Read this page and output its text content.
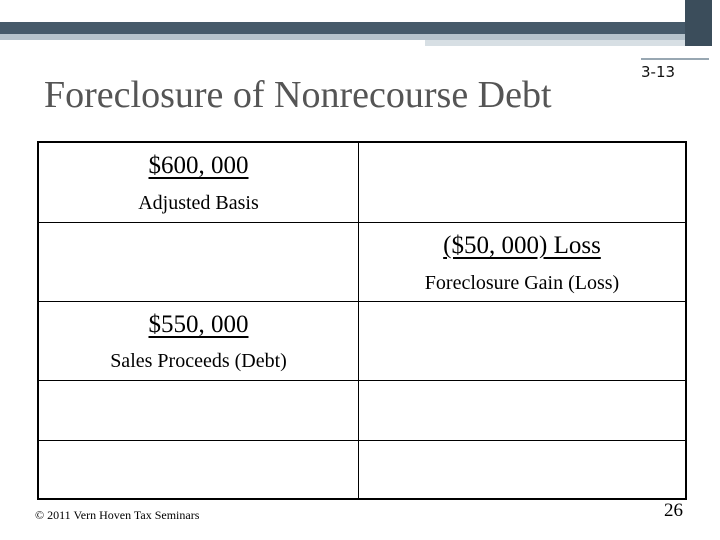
Foreclosure of Nonrecourse Debt
3-13
$600, 000
Adjusted Basis
($50, 000) Loss
Foreclosure Gain (Loss)
$550, 000
Sales Proceeds (Debt)
© 2011 Vern Hoven Tax Seminars	26
